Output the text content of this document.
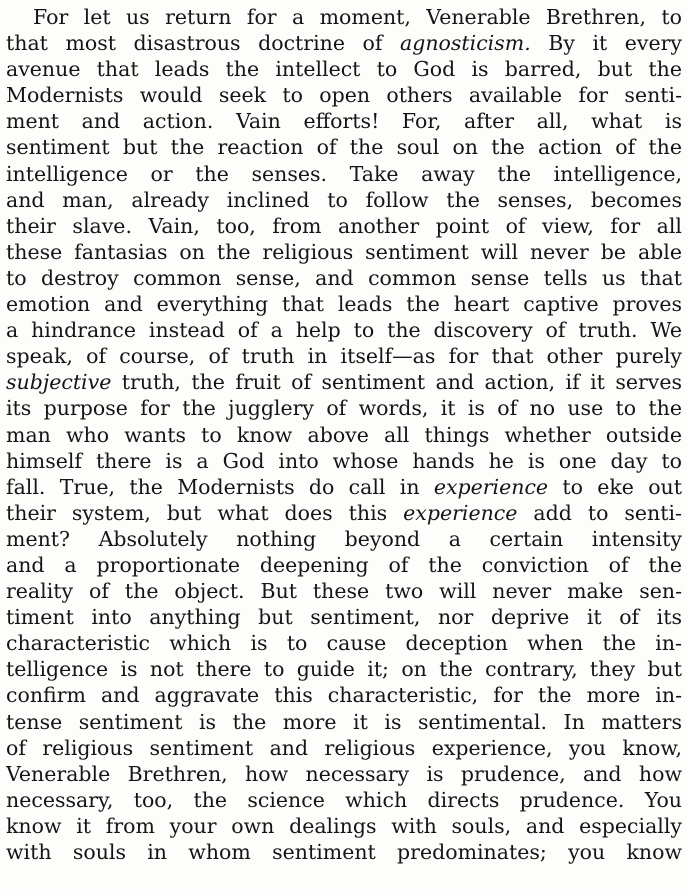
For let us return for a moment, Venerable Brethren, to
that most disastrous doctrine of agnosticism. By it every
avenue that leads the intellect to God is barred, but the
Modernists would seek to open others available for senti-
ment and action. Vain efforts! For, after all, what is
sentiment but the reaction of the soul on the action of the
intelligence or the senses. Take away the intelligence,
and man, already inclined to follow the senses, becomes
their slave. Vain, too, from another point of view, for all
these fantasias on the religious sentiment will never be able
to destroy common sense, and common sense tells us that
emotion and everything that leads the heart captive proves
a hindrance instead of a help to the discovery of truth. We
speak, of course, of truth in itself—as for that other purely
subjective truth, the fruit of sentiment and action, if it serves
its purpose for the jugglery of words, it is of no use to the
man who wants to know above all things whether outside
himself there is a God into whose hands he is one day to
fall. True, the Modernists do call in experience to eke out
their system, but what does this experience add to senti-
ment? Absolutely nothing beyond a certain intensity
and a proportionate deepening of the conviction of the
reality of the object. But these two will never make sen-
timent into anything but sentiment, nor deprive it of its
characteristic which is to cause deception when the in-
telligence is not there to guide it; on the contrary, they but
confirm and aggravate this characteristic, for the more in-
tense sentiment is the more it is sentimental. In matters
of religious sentiment and religious experience, you know,
Venerable Brethren, how necessary is prudence, and how
necessary, too, the science which directs prudence. You
know it from your own dealings with souls, and especially
with souls in whom sentiment predominates; you know
